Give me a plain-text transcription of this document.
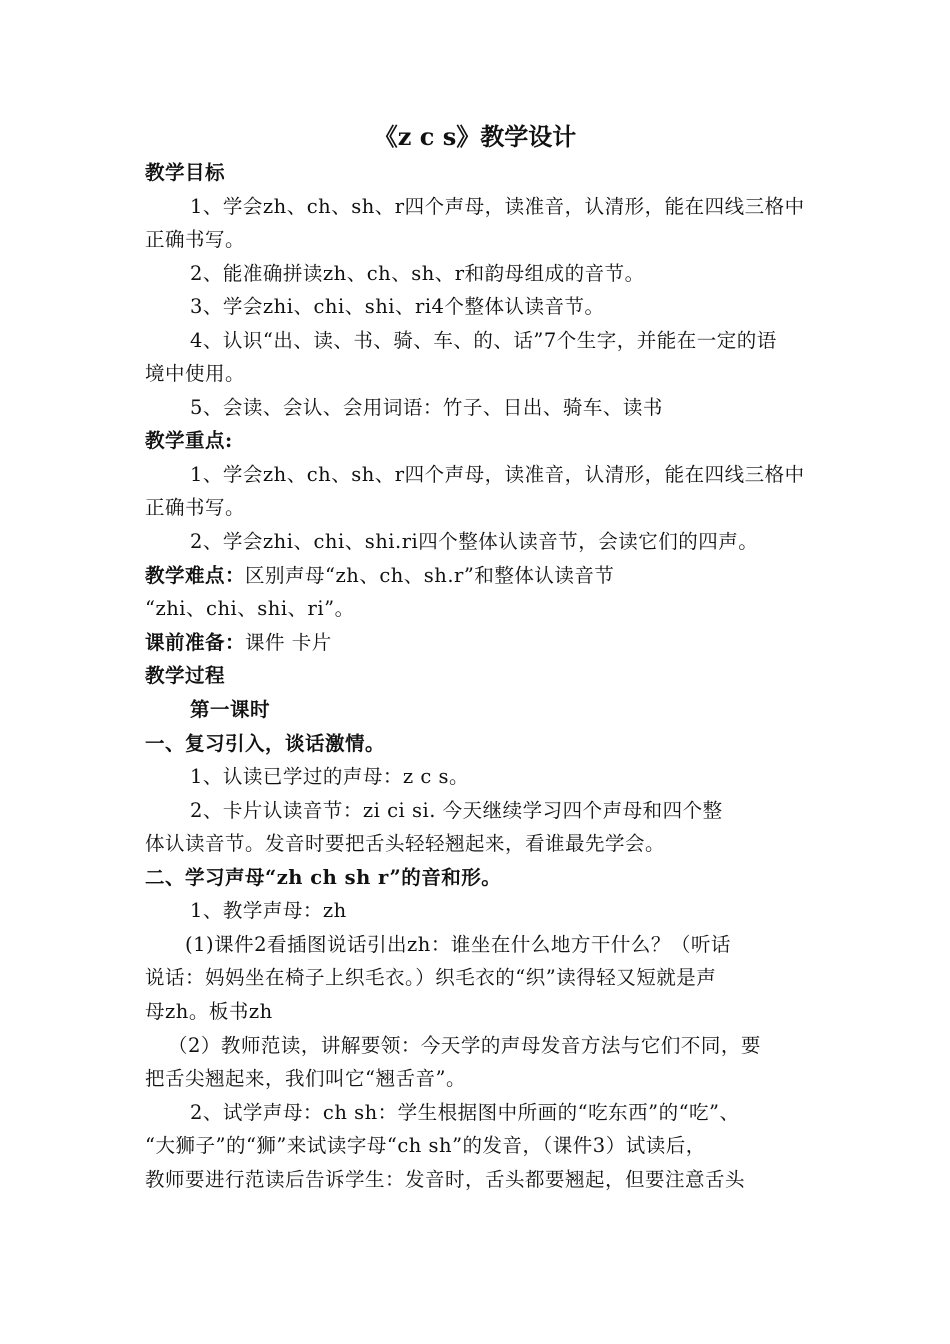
《z c s》教学设计
教学目标
1、学会zh、ch、sh、r四个声母，读准音，认清形，能在四线三格中
正确书写。
2、能准确拼读zh、ch、sh、r和韵母组成的音节。
3、学会zhi、chi、shi、ri4个整体认读音节。
4、认识“出、读、书、骑、车、的、话”7个生字，并能在一定的语
境中使用。
5、会读、会认、会用词语：竹子、日出、骑车、读书
教学重点:
1、学会zh、ch、sh、r四个声母，读准音，认清形，能在四线三格中
正确书写。
2、学会zhi、chi、shi.ri四个整体认读音节，会读它们的四声。
教学难点：区别声母“zh、ch、sh.r”和整体认读音节
“zhi、chi、shi、ri”。
课前准备：课件 卡片
教学过程
第一课时
一、复习引入，谈话激情。
1、认读已学过的声母：z c s。
2、卡片认读音节：zi ci si. 今天继续学习四个声母和四个整
体认读音节。发音时要把舌头轻轻翘起来，看谁最先学会。
二、学习声母“zh ch sh r”的音和形。
1、教学声母：zh
(1)课件2看插图说话引出zh：谁坐在什么地方干什么？（听话
说话：妈妈坐在椅子上织毛衣。）织毛衣的“织”读得轻又短就是声
母zh。板书zh
（2）教师范读，讲解要领：今天学的声母发音方法与它们不同，要
把舌尖翘起来，我们叫它“翘舌音”。
2、试学声母：ch sh：学生根据图中所画的“吃东西”的“吃”、
“大狮子”的“狮”来试读字母“ch sh”的发音，（课件3）试读后，
教师要进行范读后告诉学生：发音时，舌头都要翘起，但要注意舌头
